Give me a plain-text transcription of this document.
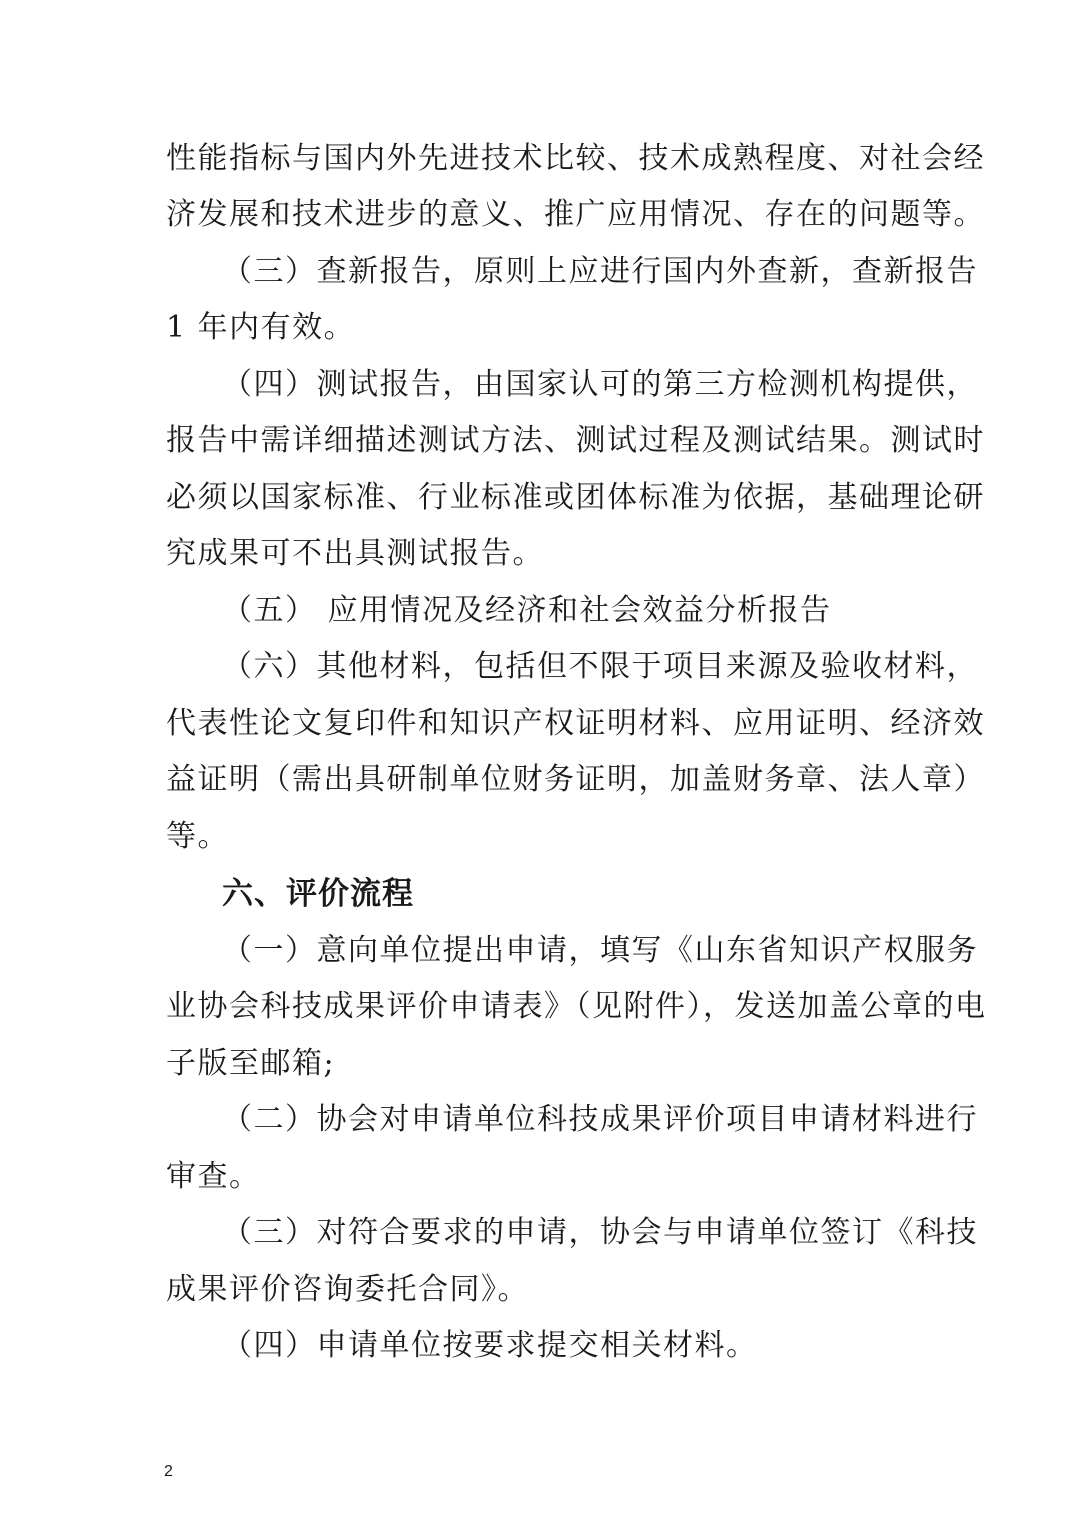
性能指标与国内外先进技术比较、技术成熟程度、对社会经
济发展和技术进步的意义、推广应用情况、存在的问题等。
（三）查新报告，原则上应进行国内外查新，查新报告
1 年内有效。
（四）测试报告，由国家认可的第三方检测机构提供，
报告中需详细描述测试方法、测试过程及测试结果。测试时
必须以国家标准、行业标准或团体标准为依据，基础理论研
究成果可不出具测试报告。
（五） 应用情况及经济和社会效益分析报告
（六）其他材料，包括但不限于项目来源及验收材料，
代表性论文复印件和知识产权证明材料、应用证明、经济效
益证明（需出具研制单位财务证明，加盖财务章、法人章）
等。
六、评价流程
（一）意向单位提出申请，填写《山东省知识产权服务
业协会科技成果评价申请表》（见附件），发送加盖公章的电
子版至邮箱;
（二）协会对申请单位科技成果评价项目申请材料进行
审查。
（三）对符合要求的申请，协会与申请单位签订《科技
成果评价咨询委托合同》。
（四）申请单位按要求提交相关材料。
2
